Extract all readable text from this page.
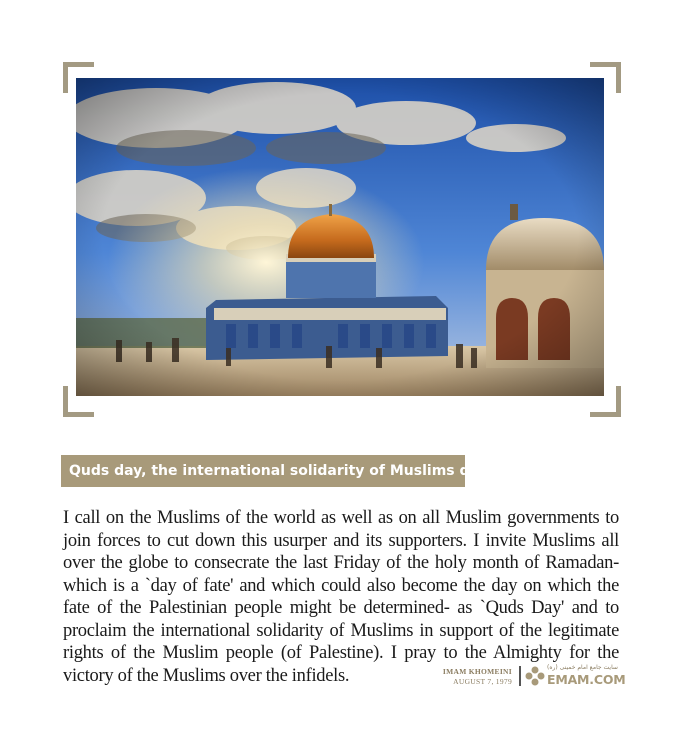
Quds day, the international solidarity of Muslims day

I call on the Muslims of the world as well as on all Muslim governments to join forces to cut down this usurper and its supporters. I invite Muslims all over the globe to consecrate the last Friday of the holy month of Ramadan- which is a `day of fate' and which could also become the day on which the fate of the Palestinian people might be determined- as `Quds Day' and to proclaim the international solidarity of Muslims in support of the legitimate rights of the Muslim people (of Palestine). I pray to the Almighty for the victory of the Muslims over the infidels.	IMAM KHOMEINI
AUGUST 7, 1979
سایت جامع امام خمینی (ره)
EMAM.COM
